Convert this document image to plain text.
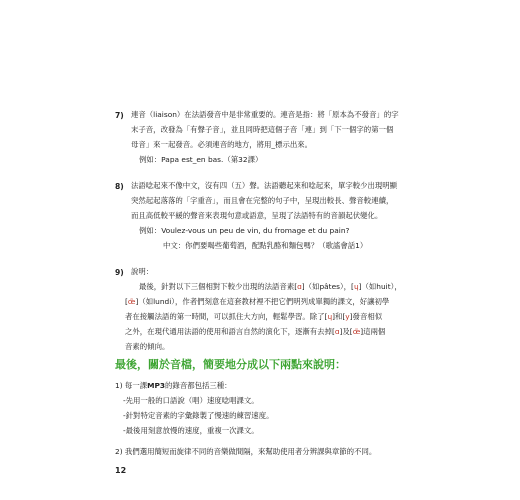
7) 連音（liaison）在法語發音中是非常重要的。連音是指：將「原本為不發音」的字
末子音，改發為「有聲子音」，並且同時把這個子音「連」到「下一個字的第一個
母音」來一起發音。必須連音的地方，將用_標示出來。
例如：Papa est_en bas.（第32課）
8) 法語唸起來不像中文，沒有四（五）聲。法語聽起來和唸起來，單字較少出現明顯
突然起起落落的「字重音」，而且會在完整的句子中，呈現出較長、聲音較連續，
而且高低較平緩的聲音來表現句意或語意，呈現了法語特有的音韻起伏變化。
例如：Voulez-vous un peu de vin, du fromage et du pain?
中文：你們要喝些葡萄酒，配點乳酪和麵包嗎？（歌謠會話1）
9) 說明：
最後，針對以下三個相對下較少出現的法語音素[ɑ]（如pâtes），[ɥ]（如huit），
[œ̃]（如lundi），作者們刻意在這套教材裡不把它們明列成單獨的課文，好讓初學
者在接觸法語的第一時間，可以抓住大方向，輕鬆學習。除了[ɥ]和[y]發音相似
之外，在現代通用法語的使用和語言自然的演化下，逐漸有去掉[ɑ]及[œ̃]這兩個
音素的傾向。
最後，關於音檔，簡要地分成以下兩點來說明：
1) 每一課MP3的錄音都包括三種：
-先用一般的口語說（唱）速度唸唱課文。
-針對特定音素的字彙錄製了慢速的練習速度。
-最後用刻意放慢的速度，重複一次課文。
2) 我們選用簡短而旋律不同的音樂做間隔，來幫助使用者分辨課與章節的不同。
12
